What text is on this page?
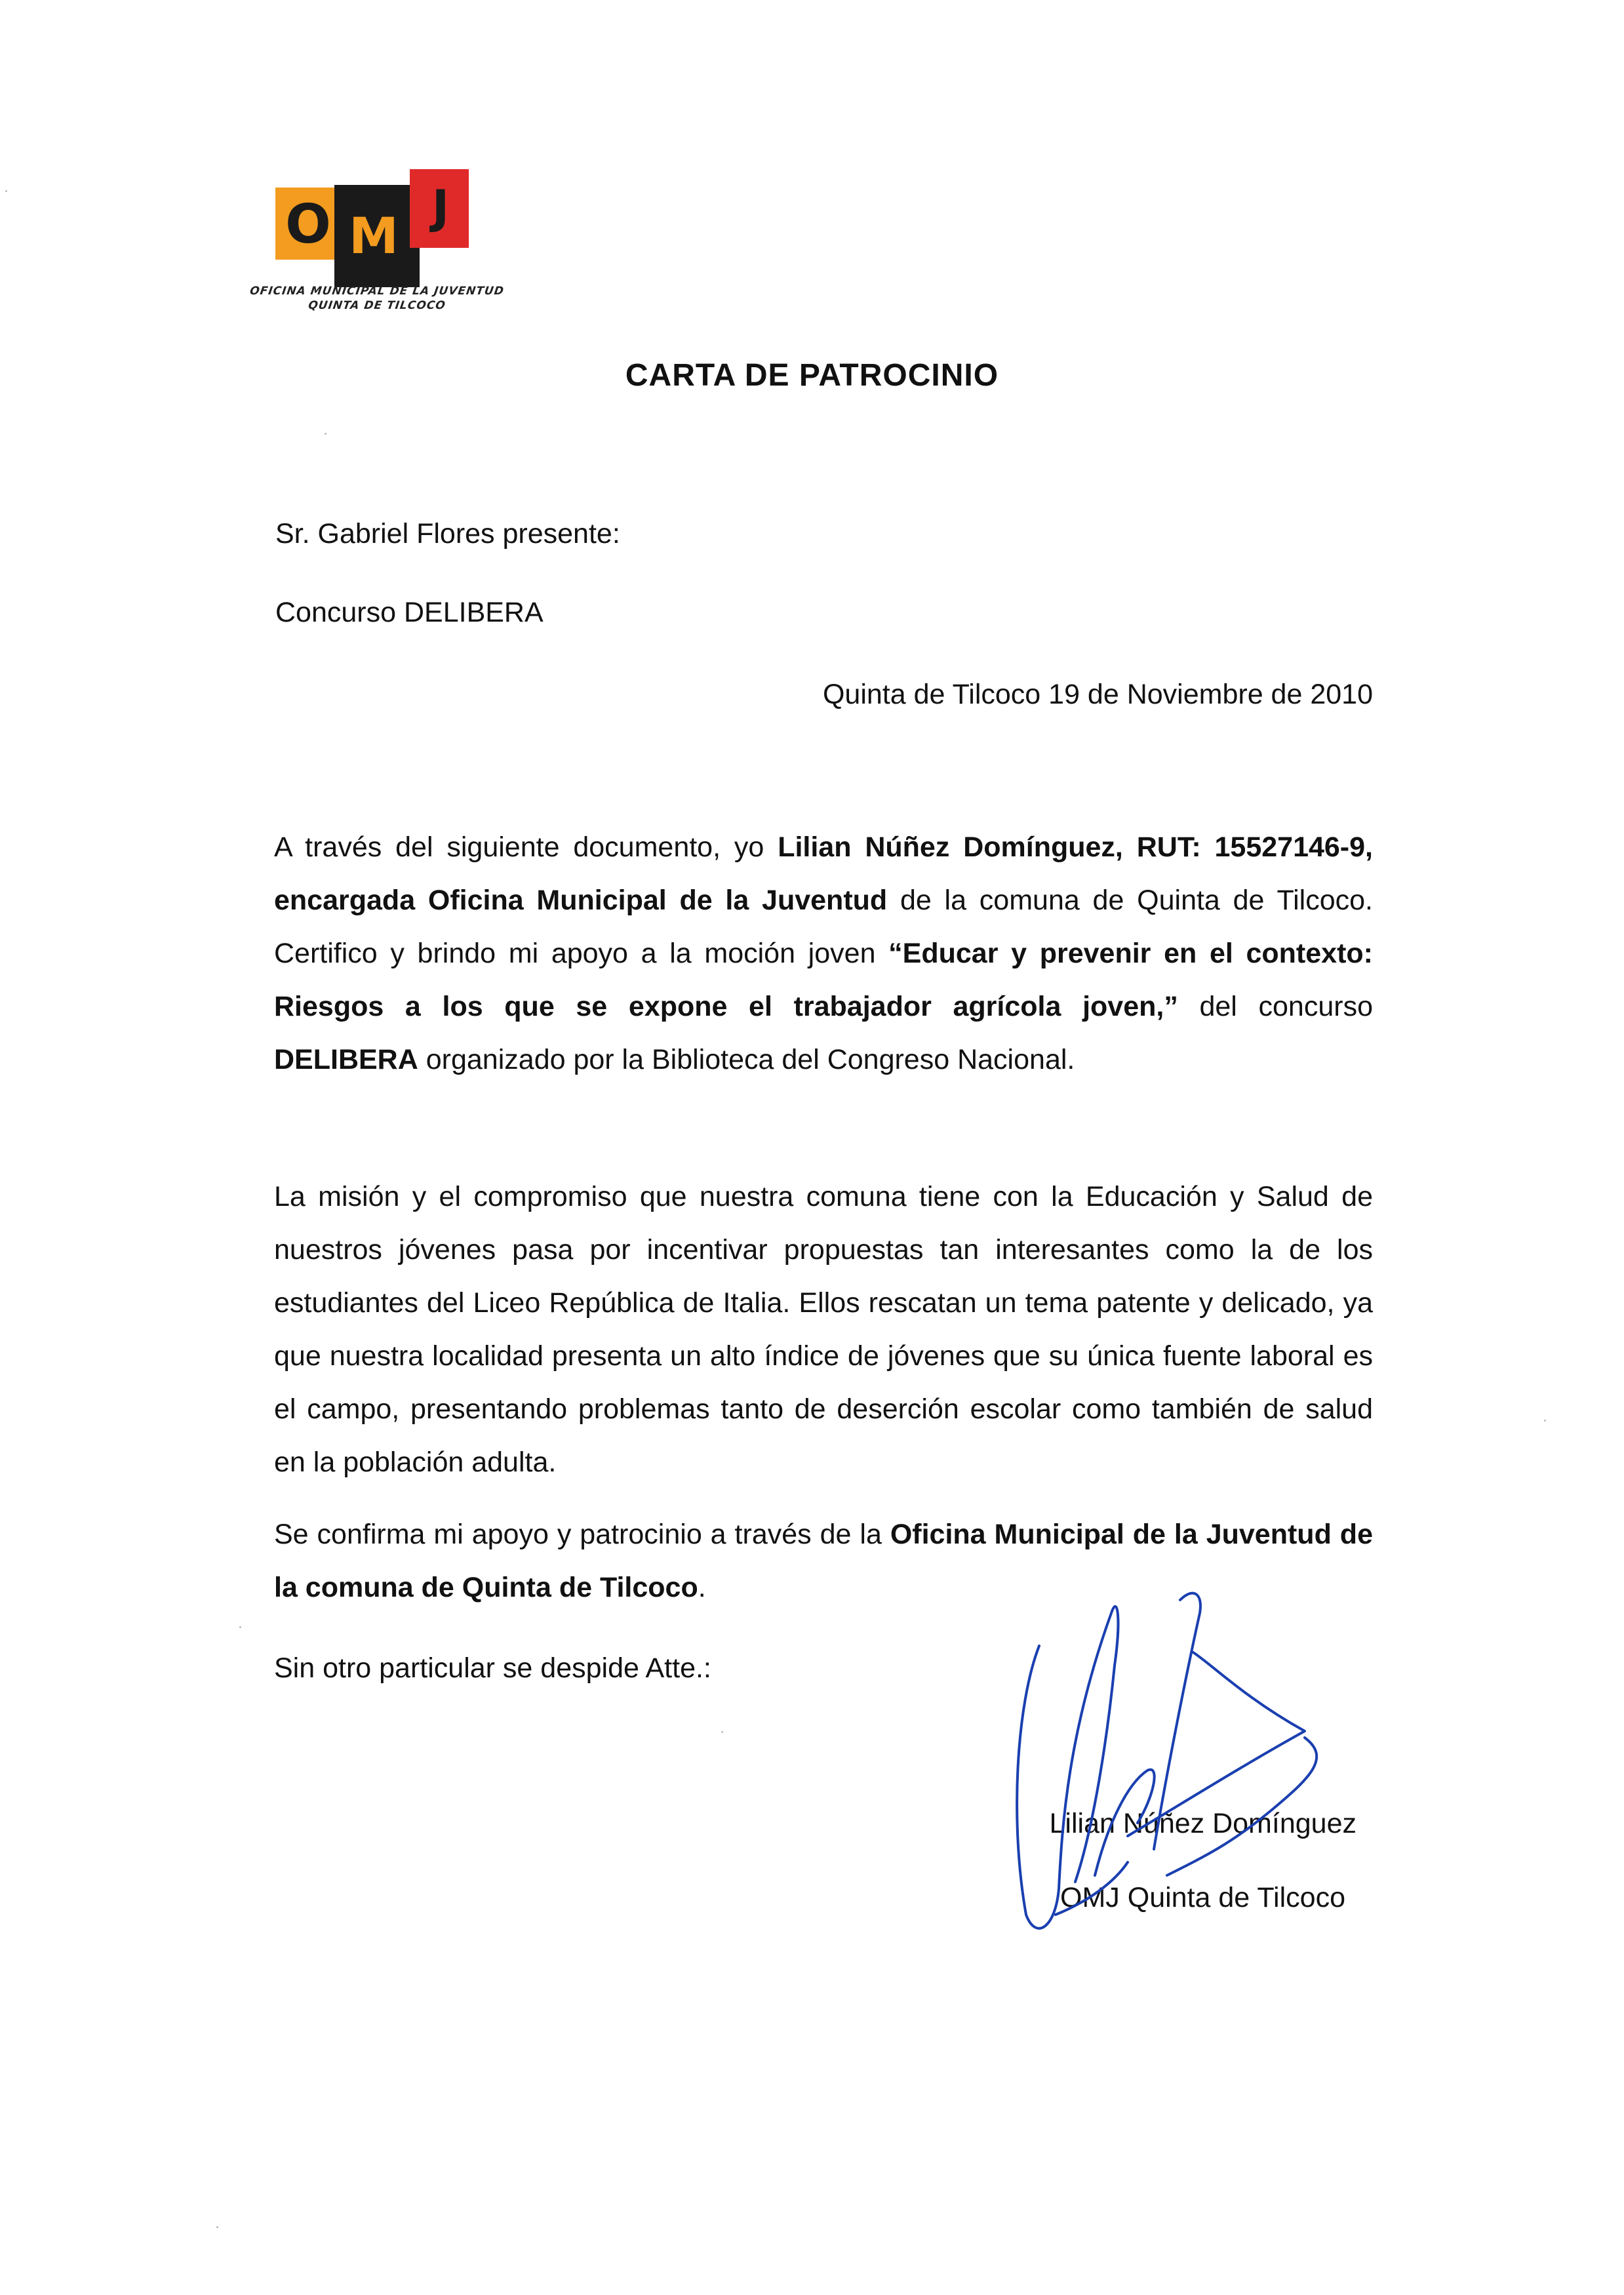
O M J
OFICINA MUNICIPAL DE LA JUVENTUD
QUINTA DE TILCOCO
CARTA DE PATROCINIO
Sr. Gabriel Flores presente:
Concurso DELIBERA
Quinta de Tilcoco 19 de Noviembre de 2010

A través del siguiente documento, yo Lilian Núñez Domínguez, RUT: 15527146-9, encargada Oficina Municipal de la Juventud de la comuna de Quinta de Tilcoco. Certifico y brindo mi apoyo a la moción joven “Educar y prevenir en el contexto: Riesgos a los que se expone el trabajador agrícola joven,” del concurso DELIBERA organizado por la Biblioteca del Congreso Nacional.

La misión y el compromiso que nuestra comuna tiene con la Educación y Salud de nuestros jóvenes pasa por incentivar propuestas tan interesantes como la de los estudiantes del Liceo República de Italia. Ellos rescatan un tema patente y delicado, ya que nuestra localidad presenta un alto índice de jóvenes que su única fuente laboral es el campo, presentando problemas tanto de deserción escolar como también de salud en la población adulta.

Se confirma mi apoyo y patrocinio a través de la Oficina Municipal de la Juventud de la comuna de Quinta de Tilcoco.

Sin otro particular se despide Atte.:
Lilian Núñez Domínguez
OMJ Quinta de Tilcoco
